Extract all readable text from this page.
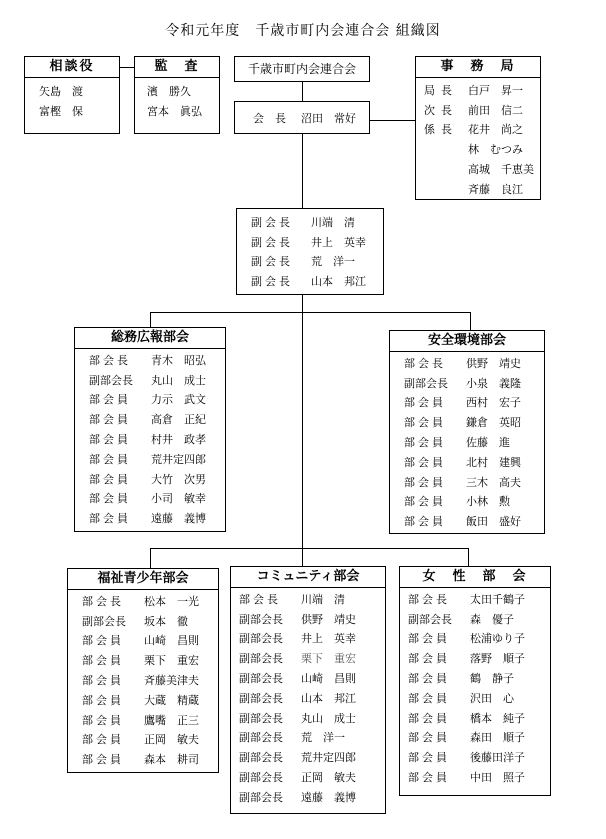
令和元年度　千歳市町内会連合会 組織図
相談役
矢島　渡
富樫　保
監　査
濱　勝久
宮本　眞弘
千歳市町内会連合会
会　長	沼田　常好
事　務　局
局長 白戸　昇一
次長 前田　信二
係長 花井　尚之
林　むつみ
高城　千恵美
斉藤　良江
副会長	川端　清
副会長	井上　英幸
副会長	荒　洋一
副会長	山本　邦江
総務広報部会
部会長	青木　昭弘
副部会長	丸山　成士
部会員	力示　武文
部会員	高倉　正紀
部会員	村井　政孝
部会員	荒井定四郎
部会員	大竹　次男
部会員	小司　敏幸
部会員	遠藤　義博
安全環境部会
部会長	供野　靖史
副部会長	小泉　義隆
部会員	西村　宏子
部会員	鎌倉　英昭
部会員	佐藤　進
部会員	北村　建興
部会員	三木　高夫
部会員	小林　勲
部会員	飯田　盛好
福祉青少年部会
部会長	松本　一光
副部会長	坂本　徹
部会員	山崎　昌則
部会員	栗下　重宏
部会員	斉藤美津夫
部会員	大蔵　精蔵
部会員	鷹嘴　正三
部会員	正岡　敏夫
部会員	森本　耕司
コミュニティ部会
部会長	川端　清
副部会長	供野　靖史
副部会長	井上　英幸
副部会長	栗下　重宏
副部会長	山崎　昌則
副部会長	山本　邦江
副部会長	丸山　成士
副部会長	荒　洋一
副部会長	荒井定四郎
副部会長	正岡　敏夫
副部会長	遠藤　義博
女　性　部　会
部会長	太田千鶴子
副部会長	森　優子
部会員	松浦ゆり子
部会員	落野　順子
部会員	鶴　静子
部会員	沢田　心
部会員	橋本　純子
部会員	森田　順子
部会員	後藤田洋子
部会員	中田　照子
